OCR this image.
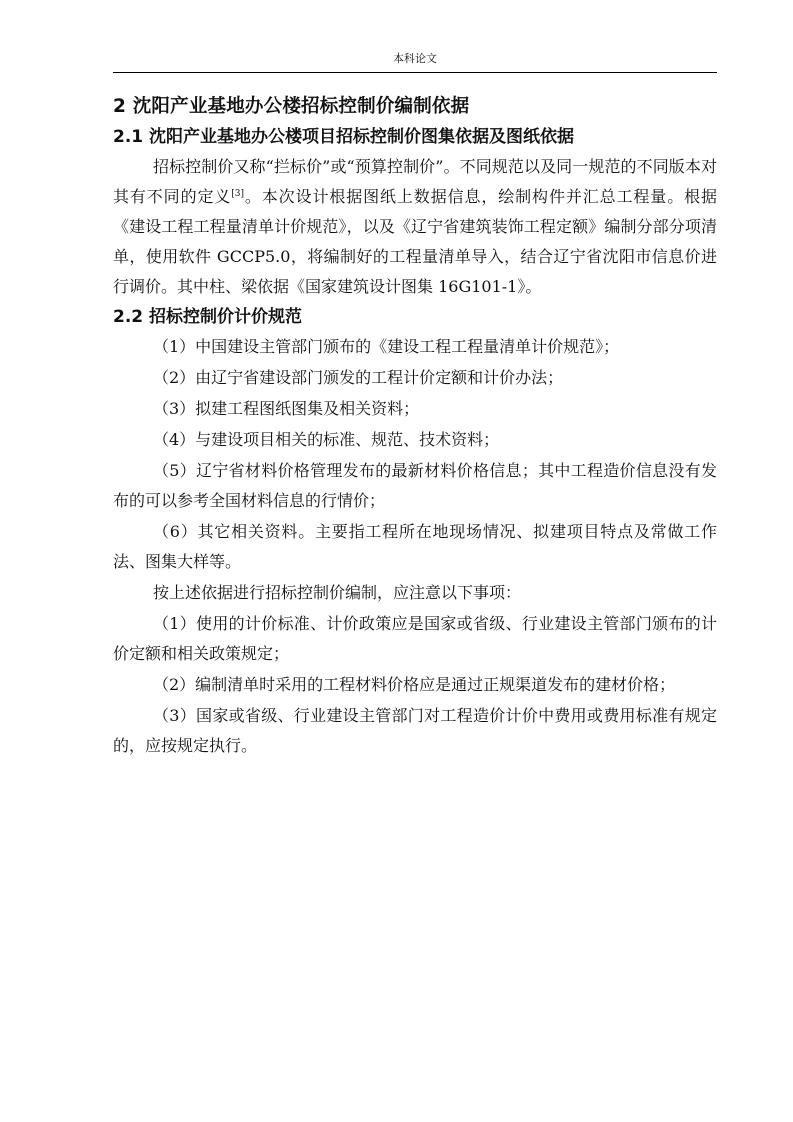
本科论文
2 沈阳产业基地办公楼招标控制价编制依据
2.1 沈阳产业基地办公楼项目招标控制价图集依据及图纸依据

招标控制价又称“拦标价”或“预算控制价”。不同规范以及同一规范的不同版本对其有不同的定义[3]。本次设计根据图纸上数据信息，绘制构件并汇总工程量。根据《建设工程工程量清单计价规范》，以及《辽宁省建筑装饰工程定额》编制分部分项清单，使用软件 GCCP5.0，将编制好的工程量清单导入，结合辽宁省沈阳市信息价进行调价。其中柱、梁依据《国家建筑设计图集 16G101-1》。

2.2 招标控制价计价规范

（1）中国建设主管部门颁布的《建设工程工程量清单计价规范》；

（2）由辽宁省建设部门颁发的工程计价定额和计价办法；

（3）拟建工程图纸图集及相关资料；

（4）与建设项目相关的标准、规范、技术资料；

（5）辽宁省材料价格管理发布的最新材料价格信息；其中工程造价信息没有发布的可以参考全国材料信息的行情价；

（6）其它相关资料。主要指工程所在地现场情况、拟建项目特点及常做工作法、图集大样等。

按上述依据进行招标控制价编制，应注意以下事项：

（1）使用的计价标准、计价政策应是国家或省级、行业建设主管部门颁布的计价定额和相关政策规定；

（2）编制清单时采用的工程材料价格应是通过正规渠道发布的建材价格；

（3）国家或省级、行业建设主管部门对工程造价计价中费用或费用标准有规定的，应按规定执行。
